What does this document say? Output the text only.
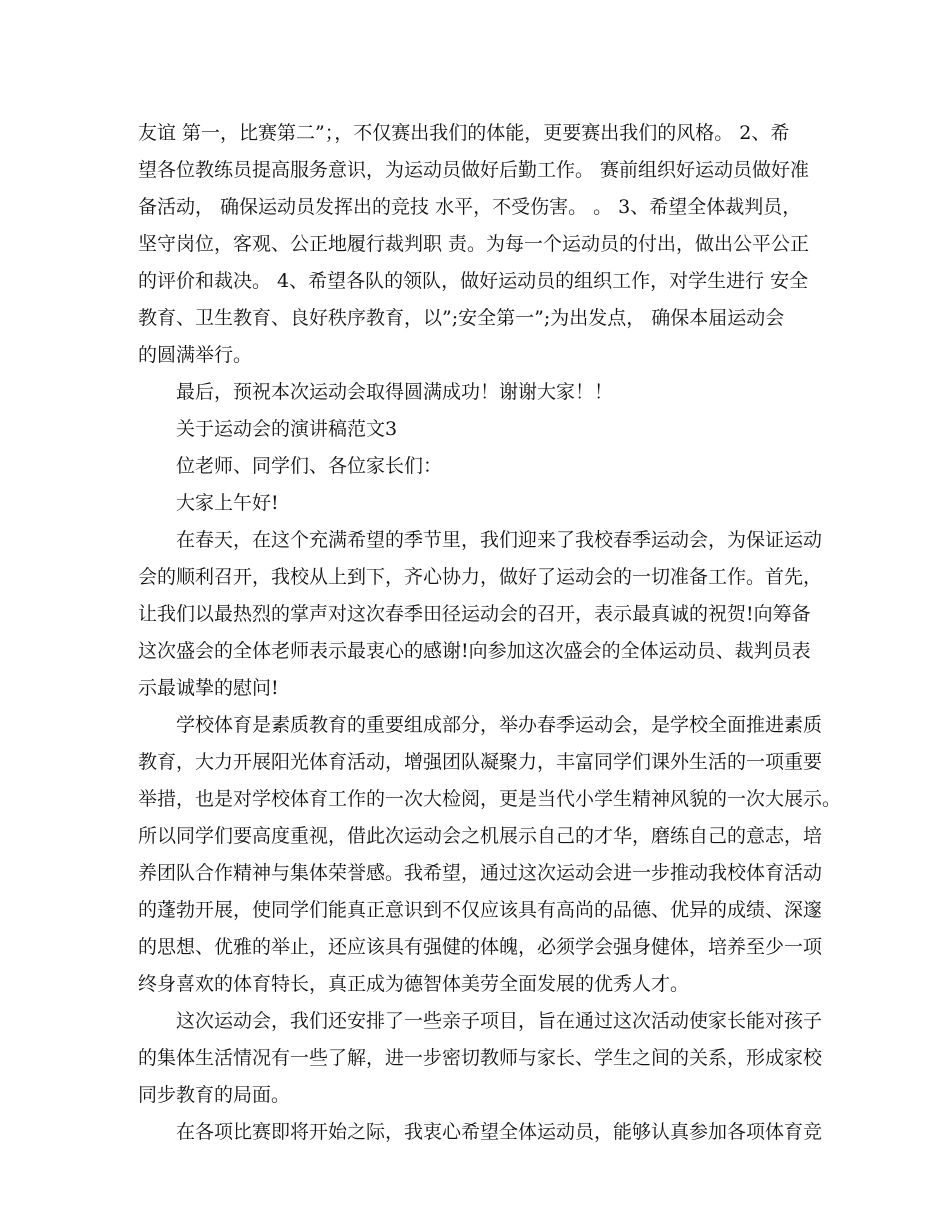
友谊 第一，比赛第二”；，不仅赛出我们的体能，更要赛出我们的风格。 2、希
望各位教练员提高服务意识，为运动员做好后勤工作。 赛前组织好运动员做好准
备活动， 确保运动员发挥出的竞技 水平，不受伤害。 。 3、希望全体裁判员，
坚守岗位，客观、公正地履行裁判职 责。为每一个运动员的付出，做出公平公正
的评价和裁决。 4、希望各队的领队，做好运动员的组织工作，对学生进行 安全
教育、卫生教育、良好秩序教育，以”;安全第一”;为出发点， 确保本届运动会
的圆满举行。
最后，预祝本次运动会取得圆满成功！谢谢大家！！
关于运动会的演讲稿范文3
位老师、同学们、各位家长们：
大家上午好!
在春天，在这个充满希望的季节里，我们迎来了我校春季运动会，为保证运动
会的顺利召开，我校从上到下，齐心协力，做好了运动会的一切准备工作。首先，
让我们以最热烈的掌声对这次春季田径运动会的召开，表示最真诚的祝贺!向筹备
这次盛会的全体老师表示最衷心的感谢!向参加这次盛会的全体运动员、裁判员表
示最诚挚的慰问!
学校体育是素质教育的重要组成部分，举办春季运动会，是学校全面推进素质
教育，大力开展阳光体育活动，增强团队凝聚力，丰富同学们课外生活的一项重要
举措，也是对学校体育工作的一次大检阅，更是当代小学生精神风貌的一次大展示。
所以同学们要高度重视，借此次运动会之机展示自己的才华，磨练自己的意志，培
养团队合作精神与集体荣誉感。我希望，通过这次运动会进一步推动我校体育活动
的蓬勃开展，使同学们能真正意识到不仅应该具有高尚的品德、优异的成绩、深邃
的思想、优雅的举止，还应该具有强健的体魄，必须学会强身健体，培养至少一项
终身喜欢的体育特长，真正成为德智体美劳全面发展的优秀人才。
这次运动会，我们还安排了一些亲子项目，旨在通过这次活动使家长能对孩子
的集体生活情况有一些了解，进一步密切教师与家长、学生之间的关系，形成家校
同步教育的局面。
在各项比赛即将开始之际，我衷心希望全体运动员，能够认真参加各项体育竞
